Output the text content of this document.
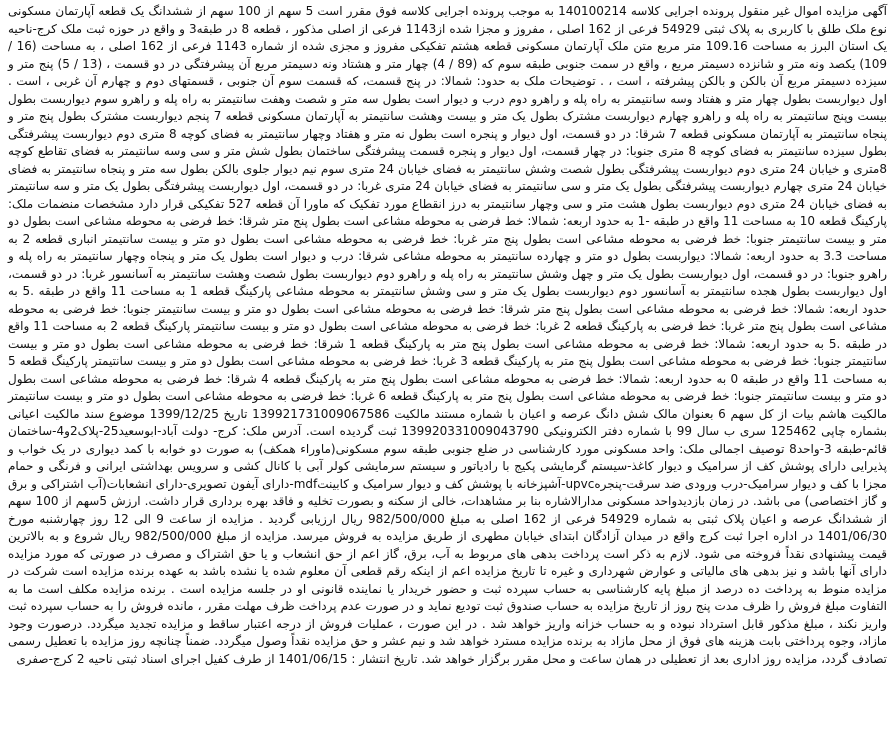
آگهی مزایده اموال غیر منقول پرونده اجرایی کلاسه 140100214 به موجب پرونده اجرایی کلاسه فوق مقرر است 5 سهم از 100 سهم از ششدانگ یک قطعه آپارتمان مسکونی نوع ملک طلق با کاربری به پلاک ثبتی 54929 فرعی از 162 اصلی ، مفروز و مجزا شده از1143 فرعی از اصلی مذکور ، قطعه 8 در طبقه3 و واقع در حوزه ثبت ملک کرج-ناحیه یک استان البرز به مساحت 109.16 متر مربع متن ملک آپارتمان مسکونی قطعه هشتم تفکیکی مفروز و مجزی شده از شماره 1143 فرعی از 162 اصلی ، به مساحت (16 / 109) یکصد ونه متر و شانزده دسیمتر مربع ، واقع در سمت جنوبی طبقه سوم که (89 / 4) چهار متر و هشتاد ونه دسیمتر مربع آن پیشرفتگی در دو قسمت ، (13 / 5) پنج متر و سیزده دسیمتر مربع آن بالکن و بالکن پیشرفته ، است ، . توضیحات ملک به حدود: شمالا: در پنج قسمت، که قسمت سوم آن جنوبی ، قسمتهای دوم و چهارم آن غربی ، است . اول دیواربست بطول چهار متر و هفتاد وسه سانتیمتر به راه پله و راهرو دوم درب و دیوار است بطول سه متر و شصت وهفت سانتیمتر به راه پله و راهرو سوم دیواربست بطول بیست وپنج سانتیمتر به راه پله و راهرو چهارم دیواربست مشترک بطول یک متر و بیست وهشت سانتیمتر به آپارتمان مسکونی قطعه 7 پنجم دیواربست مشترک بطول پنج متر و پنجاه سانتیمتر به آپارتمان مسکونی قطعه 7 شرقا: در دو قسمت، اول دیوار و پنجره است بطول نه متر و هفتاد وچهار سانتیمتر به فضای کوچه 8 متری دوم دیواربست پیشرفتگی بطول سیزده سانتیمتر به فضای کوچه 8 متری جنوبا: در چهار قسمت، اول دیوار و پنجره قسمت پیشرفتگی ساختمان بطول شش متر و سی وسه سانتیمتر به فضای تقاطع کوچه 8متری و خیابان 24 متری دوم دیواربست پیشرفتگی بطول شصت وشش سانتیمتر به فضای خیابان 24 متری سوم نیم دیوار جلوی بالکن بطول سه متر و پنجاه سانتیمتر به فضای خیابان 24 متری چهارم دیواربست پیشرفتگی بطول یک متر و سی سانتیمتر به فضای خیابان 24 متری غربا: در دو قسمت، اول دیواربست پیشرفتگی بطول یک متر و سه سانتیمتر به فضای خیابان 24 متری دوم دیواربست بطول هشت متر و سی وچهار سانتیمتر به درز انقطاع مورد تفکیک که ماورا آن قطعه 527 تفکیکی قرار دارد مشخصات منضمات ملک: پارکینگ قطعه 10 به مساحت 11 واقع در طبقه -1 به حدود اربعه: شمالا: خط فرضی به محوطه مشاعی است بطول پنج متر شرقا: خط فرضی به محوطه مشاعی است بطول دو متر و بیست سانتیمتر جنوبا: خط فرضی به محوطه مشاعی است بطول پنج متر غربا: خط فرضی به محوطه مشاعی است بطول دو متر و بیست سانتیمتر انباری قطعه 2 به مساحت 3.3 به حدود اربعه: شمالا: دیواربست بطول دو متر و چهارده سانتیمتر به محوطه مشاعی شرقا: درب و دیوار است بطول یک متر و پنجاه وچهار سانتیمتر به راه پله و راهرو جنوبا: در دو قسمت، اول دیواربست بطول یک متر و چهل وشش سانتیمتر به راه پله و راهرو دوم دیواربست بطول شصت وهشت سانتیمتر به آسانسور غربا: در دو قسمت، اول دیواربست بطول هجده سانتیمتر به آسانسور دوم دیواربست بطول یک متر و سی وشش سانتیمتر به محوطه مشاعی پارکینگ قطعه 1 به مساحت 11 واقع در طبقه .5 به حدود اربعه: شمالا: خط فرضی به محوطه مشاعی است بطول پنج متر شرقا: خط فرضی به محوطه مشاعی است بطول دو متر و بیست سانتیمتر جنوبا: خط فرضی به محوطه مشاعی است بطول پنج متر غربا: خط فرضی به پارکینگ قطعه 2 غربا: خط فرضی به محوطه مشاعی است بطول دو متر و بیست سانتیمتر پارکینگ قطعه 2 به مساحت 11 واقع در طبقه .5 به حدود اربعه: شمالا: خط فرضی به محوطه مشاعی است بطول پنج متر به پارکینگ قطعه 1 شرقا: خط فرضی به محوطه مشاعی است بطول دو متر و بیست سانتیمتر جنوبا: خط فرضی به محوطه مشاعی است بطول پنج متر به پارکینگ قطعه 3 غربا: خط فرضی به محوطه مشاعی است بطول دو متر و بیست سانتیمتر پارکینگ قطعه 5 به مساحت 11 واقع در طبقه 0 به حدود اربعه: شمالا: خط فرضی به محوطه مشاعی است بطول پنج متر به پارکینگ قطعه 4 شرقا: خط فرضی به محوطه مشاعی است بطول دو متر و بیست سانتیمتر جنوبا: خط فرضی به محوطه مشاعی است بطول پنج متر به پارکینگ قطعه 6 غربا: خط فرضی به محوطه مشاعی است بطول دو متر و بیست سانتیمتر مالکیت هاشم بیات از کل سهم 6 بعنوان مالک شش دانگ عرصه و اعیان با شماره مستند مالکیت 139921731009067586 تاریخ 1399/12/25 موضوع سند مالکیت اعیانی بشماره چاپی 125462 سری ب سال 99 با شماره دفتر الکترونیکی 139920331009043790 ثبت گردیده است. آدرس ملک: کرج- دولت آباد-ابوسعید25-پلاک2و4-ساختمان قائم-طبقه 3-واحد8 توصیف اجمالی ملک: واحد مسکونی مورد کارشناسی در ضلع جنوبی طبقه سوم مسکونی(ماوراء همکف) به صورت دو خوابه با کمد دیواری در یک خواب و پذیرایی دارای پوشش کف از سرامیک و دیوار کاغذ-سیستم گرمایشی پکیج با رادیاتور و سیستم سرمایشی کولر آبی با کانال کشی و سرویس بهداشتی ایرانی و فرنگی و حمام مجزا با کف و دیوار سرامیک-درب ورودی ضد سرقت-پنجرهupvc-آشپزخانه با پوشش کف و دیوار سرامیک و کابینتmdf-دارای آیفون تصویری-دارای انشعابات(آب اشتراکی و برق و گاز اختصاصی) می باشد. در زمان بازدیدواحد مسکونی مدارالاشاره بنا بر مشاهدات، خالی از سکنه و بصورت تخلیه و فاقد بهره برداری قرار داشت. ارزش 5سهم از 100 سهم از ششدانگ عرصه و اعیان پلاک ثبتی به شماره 54929 فرعی از 162 اصلی به مبلغ 982/500/000 ریال ارزیابی گردید . مزایده از ساعت 9 الی 12 روز چهارشنبه مورخ 1401/06/30 در اداره اجرا ثبت کرج واقع در میدان آزادگان ابتدای خیابان مطهری از طریق مزایده به فروش میرسد. مزایده از مبلغ 982/500/000 ریال شروع و به بالاترین قیمت پیشنهادی نقداً فروخته می شود. لازم به ذکر است پرداخت بدهی های مربوط به آب، برق، گاز اعم از حق انشعاب و یا حق اشتراک و مصرف در صورتی که مورد مزایده دارای آنها باشد و نیز بدهی های مالیاتی و عوارض شهرداری و غیره تا تاریخ مزایده اعم از اینکه رقم قطعی آن معلوم شده یا نشده باشد به عهده برنده مزایده است شرکت در مزایده منوط به پرداخت ده درصد از مبلغ پایه کارشناسی به حساب سپرده ثبت و حضور خریدار یا نماینده قانونی او در جلسه مزایده است . برنده مزایده مکلف است ما به التفاوت مبلغ فروش را ظرف مدت پنج روز از تاریخ مزایده به حساب صندوق ثبت تودیع نماید و در صورت عدم پرداخت ظرف مهلت مقرر ، مانده فروش را به حساب سپرده ثبت واریز نکند ، مبلغ مذکور قابل استرداد نبوده و به حساب خزانه واریز خواهد شد . در این صورت ، عملیات فروش از درجه اعتبار ساقط و مزایده تجدید میگردد. درصورت وجود مازاد، وجوه پرداختی بابت هزینه های فوق از محل مازاد به برنده مزایده مسترد خواهد شد و نیم عشر و حق مزایده نقداً وصول میگردد. ضمناً چنانچه روز مزایده با تعطیل رسمی تصادف گردد، مزایده روز اداری بعد از تعطیلی در همان ساعت و محل مقرر برگزار خواهد شد. تاریخ انتشار : 1401/06/15 از طرف کفیل اجرای اسناد ثبتی ناحیه 2 کرج-صفری
